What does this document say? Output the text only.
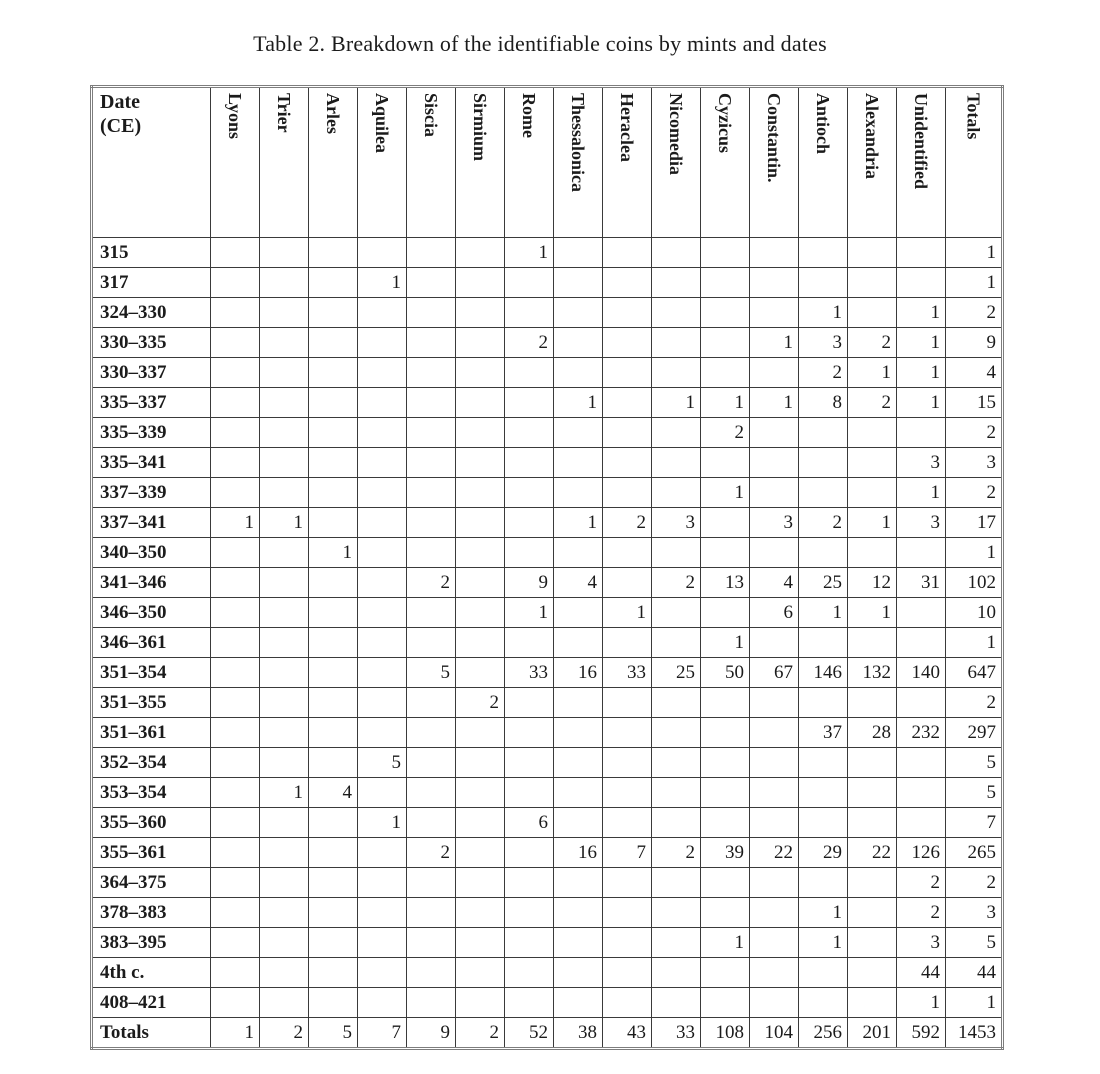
Table 2. Breakdown of the identifiable coins by mints and dates
Date
(CE)	Lyons	Trier	Arles	Aquilea	Siscia	Sirmium	Rome	Thessalonica	Heraclea	Nicomedia	Cyzicus	Constantin.	Antioch	Alexandria	Unidentified	Totals
315							1									1
317				1												1
324–330													1		1	2
330–335							2					1	3	2	1	9
330–337													2	1	1	4
335–337								1		1	1	1	8	2	1	15
335–339											2					2
335–341															3	3
337–339											1				1	2
337–341	1	1						1	2	3		3	2	1	3	17
340–350			1													1
341–346					2		9	4		2	13	4	25	12	31	102
346–350							1		1			6	1	1		10
346–361											1					1
351–354					5		33	16	33	25	50	67	146	132	140	647
351–355						2										2
351–361													37	28	232	297
352–354				5												5
353–354		1	4													5
355–360				1			6									7
355–361					2			16	7	2	39	22	29	22	126	265
364–375															2	2
378–383													1		2	3
383–395											1		1		3	5
4th c.															44	44
408–421															1	1
Totals	1	2	5	7	9	2	52	38	43	33	108	104	256	201	592	1453
